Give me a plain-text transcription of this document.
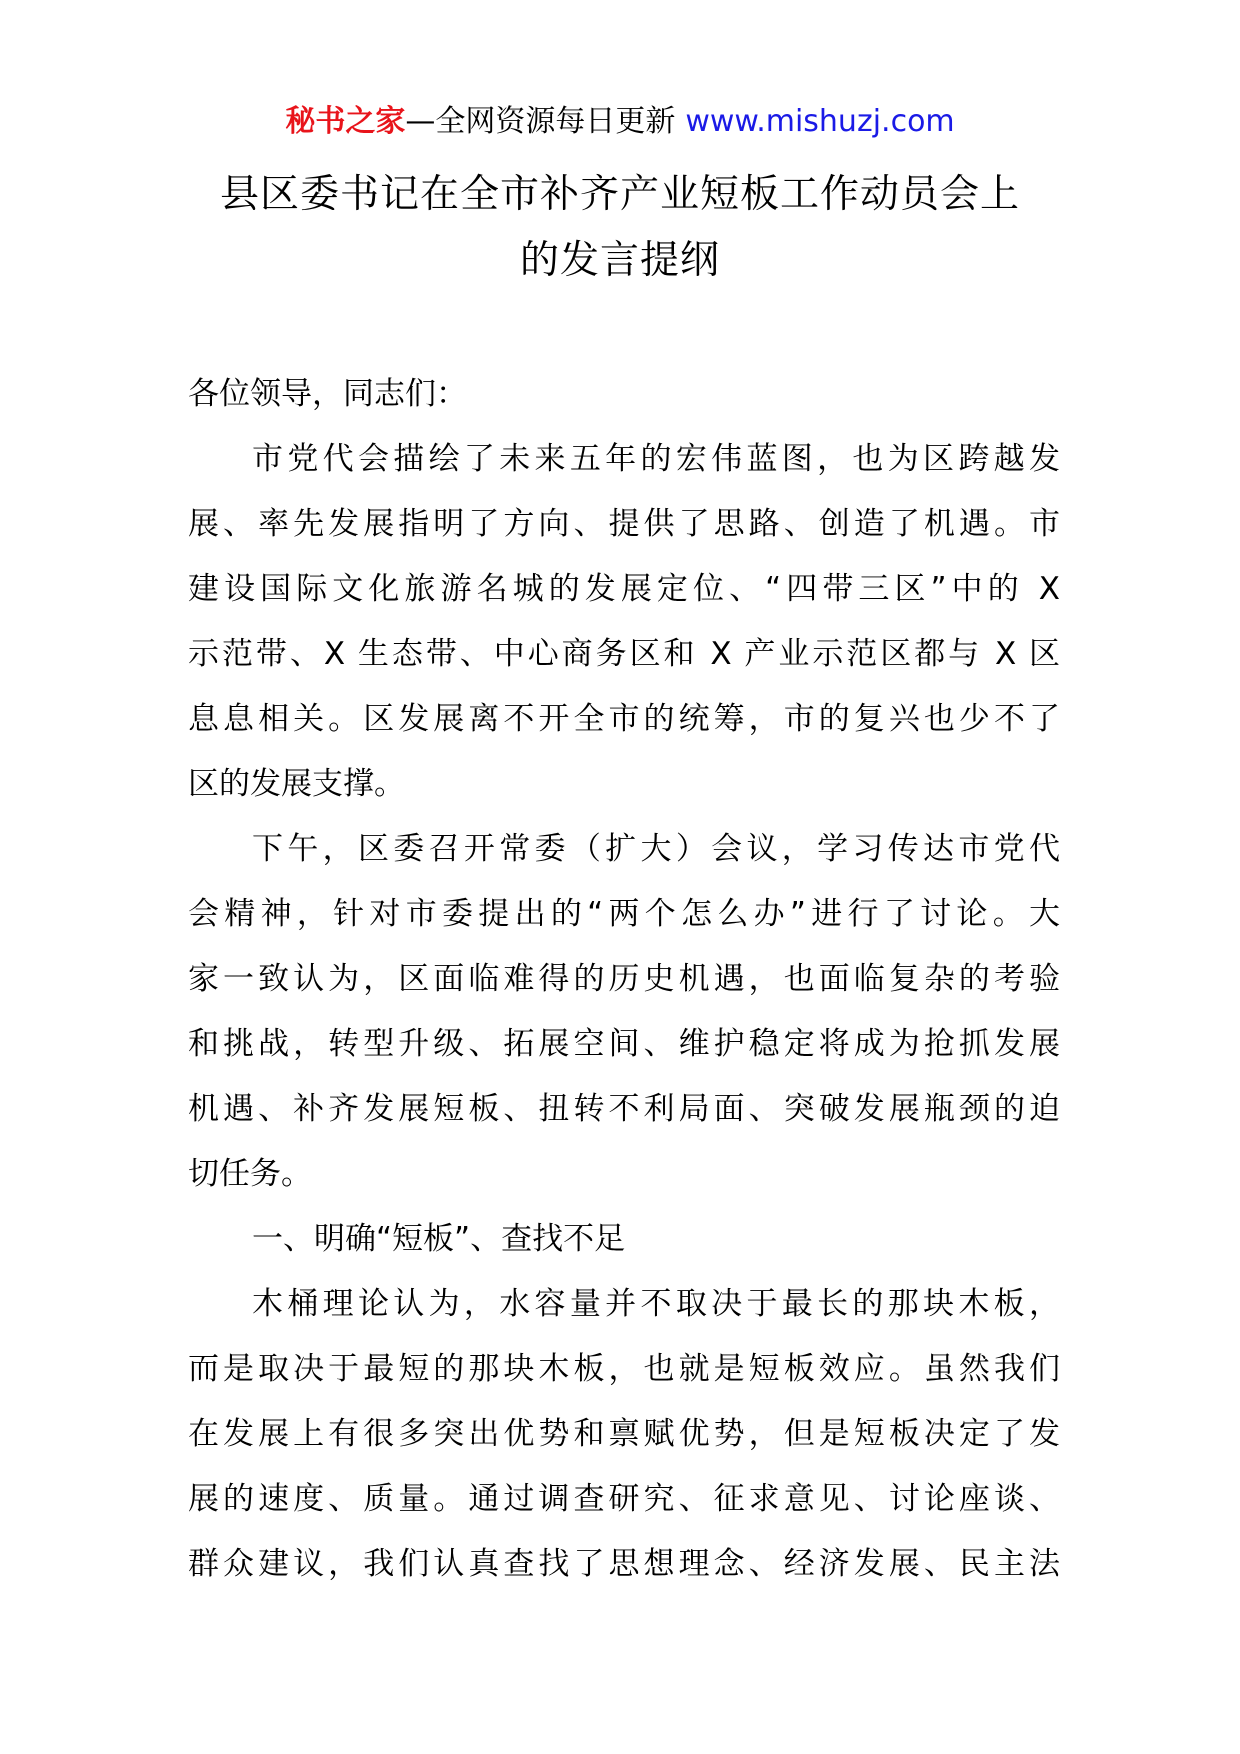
秘书之家—全网资源每日更新 www.mishuzj.com
县区委书记在全市补齐产业短板工作动员会上
的发言提纲
各位领导，同志们：
市党代会描绘了未来五年的宏伟蓝图，也为区跨越发
展、率先发展指明了方向、提供了思路、创造了机遇。市
建设国际文化旅游名城的发展定位、“四带三区”中的 X
示范带、X 生态带、中心商务区和 X 产业示范区都与 X 区
息息相关。区发展离不开全市的统筹，市的复兴也少不了
区的发展支撑。
下午，区委召开常委（扩大）会议，学习传达市党代
会精神，针对市委提出的“两个怎么办”进行了讨论。大
家一致认为，区面临难得的历史机遇，也面临复杂的考验
和挑战，转型升级、拓展空间、维护稳定将成为抢抓发展
机遇、补齐发展短板、扭转不利局面、突破发展瓶颈的迫
切任务。
一、明确“短板”、查找不足
木桶理论认为，水容量并不取决于最长的那块木板，
而是取决于最短的那块木板，也就是短板效应。虽然我们
在发展上有很多突出优势和禀赋优势，但是短板决定了发
展的速度、质量。通过调查研究、征求意见、讨论座谈、
群众建议，我们认真查找了思想理念、经济发展、民主法
